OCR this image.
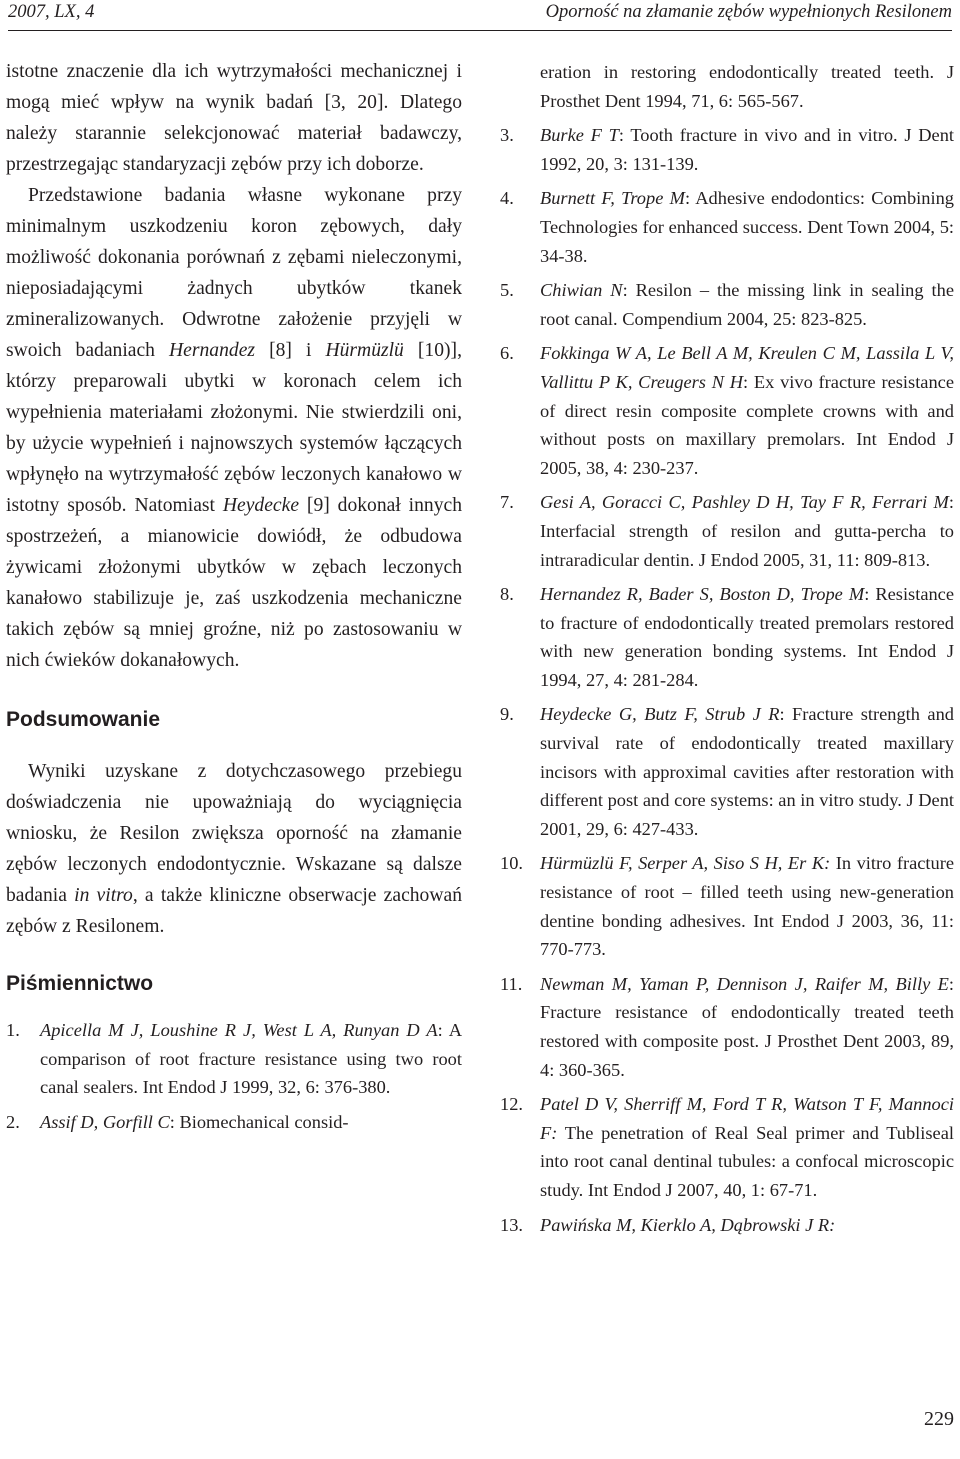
2007, LX, 4	Oporność na złamanie zębów wypełnionych Resilonem

istotne znaczenie dla ich wytrzymałości mechanicznej i mogą mieć wpływ na wynik badań [3, 20]. Dlatego należy starannie selekcjonować materiał badawczy, przestrzegając standaryzacji zębów przy ich doborze.

Przedstawione badania własne wykonane przy minimalnym uszkodzeniu koron zębowych, dały możliwość dokonania porównań z zębami nieleczonymi, nieposiadającymi żadnych ubytków tkanek zmineralizowanych. Odwrotne założenie przyjęli w swoich badaniach Hernandez [8] i Hürmüzlü [10)], którzy preparowali ubytki w koronach celem ich wypełnienia materiałami złożonymi. Nie stwierdzili oni, by użycie wypełnień i najnowszych systemów łączących wpłynęło na wytrzymałość zębów leczonych kanałowo w istotny sposób. Natomiast Heydecke [9] dokonał innych spostrzeżeń, a mianowicie dowiódł, że odbudowa żywicami złożonymi ubytków w zębach leczonych kanałowo stabilizuje je, zaś uszkodzenia mechaniczne takich zębów są mniej groźne, niż po zastosowaniu w nich ćwieków dokanałowych.

Podsumowanie

Wyniki uzyskane z dotychczasowego przebiegu doświadczenia nie upoważniają do wyciągnięcia wniosku, że Resilon zwiększa oporność na złamanie zębów leczonych endodontycznie. Wskazane są dalsze badania in vitro, a także kliniczne obserwacje zachowań zębów z Resilonem.

Piśmiennictwo
1. Apicella M J, Loushine R J, West L A, Runyan D A: A comparison of root fracture resistance using two root canal sealers. Int Endod J 1999, 32, 6: 376-380.
2. Assif D, Gorfill C: Biomechanical consid-
eration in restoring endodontically treated teeth. J Prosthet Dent 1994, 71, 6: 565-567.
3. Burke F T: Tooth fracture in vivo and in vitro. J Dent 1992, 20, 3: 131-139.
4. Burnett F, Trope M: Adhesive endodontics: Combining Technologies for enhanced success. Dent Town 2004, 5: 34-38.
5. Chiwian N: Resilon – the missing link in sealing the root canal. Compendium 2004, 25: 823-825.
6. Fokkinga W A, Le Bell A M, Kreulen C M, Lassila L V, Vallittu P K, Creugers N H: Ex vivo fracture resistance of direct resin composite complete crowns with and without posts on maxillary premolars. Int Endod J 2005, 38, 4: 230-237.
7. Gesi A, Goracci C, Pashley D H, Tay F R, Ferrari M: Interfacial strength of resilon and gutta-percha to intraradicular dentin. J Endod 2005, 31, 11: 809-813.
8. Hernandez R, Bader S, Boston D, Trope M: Resistance to fracture of endodontically treated premolars restored with new generation bonding systems. Int Endod J 1994, 27, 4: 281-284.
9. Heydecke G, Butz F, Strub J R: Fracture strength and survival rate of endodontically treated maxillary incisors with approximal cavities after restoration with different post and core systems: an in vitro study. J Dent 2001, 29, 6: 427-433.
10. Hürmüzlü F, Serper A, Siso S H, Er K: In vitro fracture resistance of root – filled teeth using new-generation dentine bonding adhesives. Int Endod J 2003, 36, 11: 770-773.
11. Newman M, Yaman P, Dennison J, Raifer M, Billy E: Fracture resistance of endodontically treated teeth restored with composite post. J Prosthet Dent 2003, 89, 4: 360-365.
12. Patel D V, Sherriff M, Ford T R, Watson T F, Mannoci F: The penetration of Real Seal primer and Tubliseal into root canal dentinal tubules: a confocal microscopic study. Int Endod J 2007, 40, 1: 67-71.
13. Pawińska M, Kierklo A, Dąbrowski J R:
229
